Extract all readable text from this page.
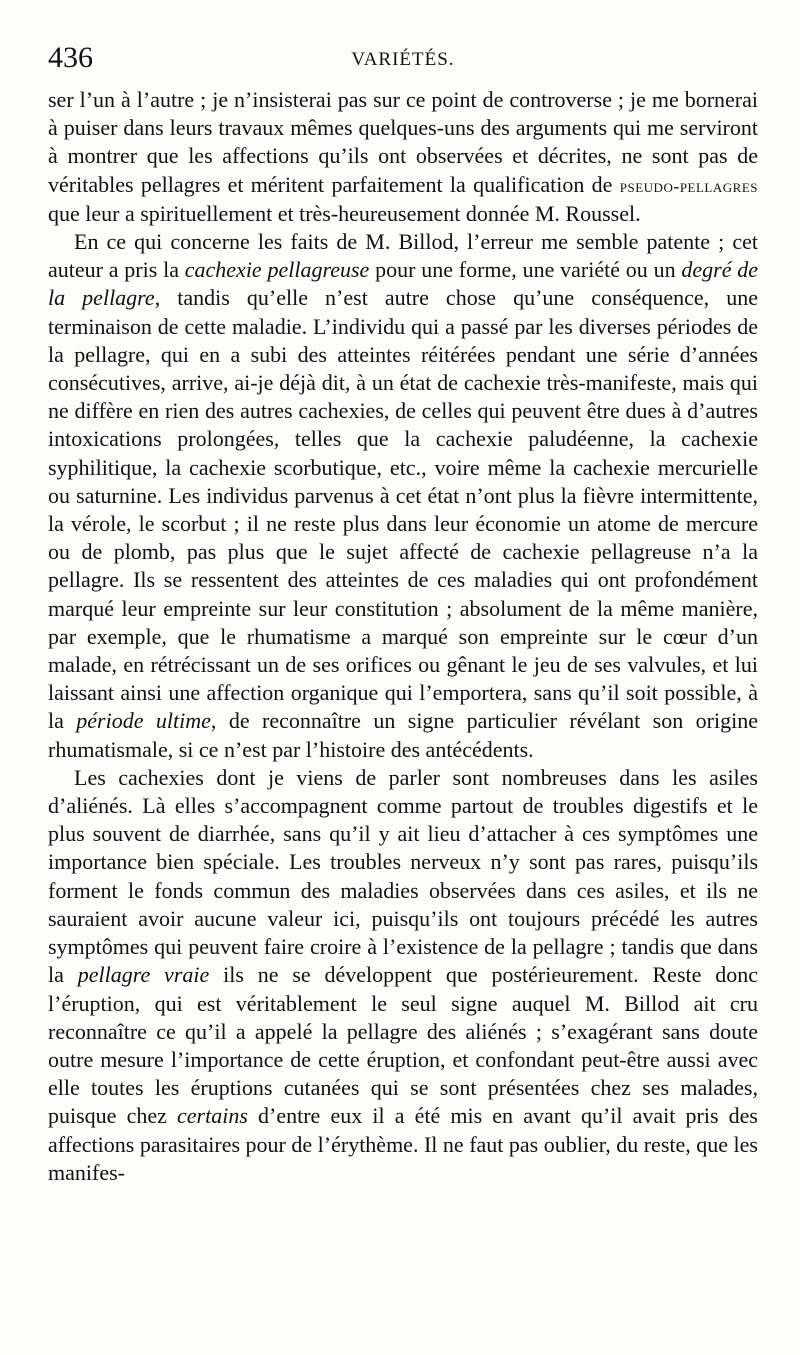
436	VARIÉTÉS.

ser l’un à l’autre ; je n’insisterai pas sur ce point de controverse ; je me bornerai à puiser dans leurs travaux mêmes quelques-uns des arguments qui me serviront à montrer que les affections qu’ils ont observées et décrites, ne sont pas de véritables pellagres et méritent parfaitement la qualification de pseudo-pellagres que leur a spirituellement et très-heureusement donnée M. Roussel.

En ce qui concerne les faits de M. Billod, l’erreur me semble patente ; cet auteur a pris la cachexie pellagreuse pour une forme, une variété ou un degré de la pellagre, tandis qu’elle n’est autre chose qu’une conséquence, une terminaison de cette maladie. L’individu qui a passé par les diverses périodes de la pellagre, qui en a subi des atteintes réitérées pendant une série d’années consécutives, arrive, ai-je déjà dit, à un état de cachexie très-manifeste, mais qui ne diffère en rien des autres cachexies, de celles qui peuvent être dues à d’autres intoxications prolongées, telles que la cachexie paludéenne, la cachexie syphilitique, la cachexie scorbutique, etc., voire même la cachexie mercurielle ou saturnine. Les individus parvenus à cet état n’ont plus la fièvre intermittente, la vérole, le scorbut ; il ne reste plus dans leur économie un atome de mercure ou de plomb, pas plus que le sujet affecté de cachexie pellagreuse n’a la pellagre. Ils se ressentent des atteintes de ces maladies qui ont profondément marqué leur empreinte sur leur constitution ; absolument de la même manière, par exemple, que le rhumatisme a marqué son empreinte sur le cœur d’un malade, en rétrécissant un de ses orifices ou gênant le jeu de ses valvules, et lui laissant ainsi une affection organique qui l’emportera, sans qu’il soit possible, à la période ultime, de reconnaître un signe particulier révélant son origine rhumatismale, si ce n’est par l’histoire des antécédents.

Les cachexies dont je viens de parler sont nombreuses dans les asiles d’aliénés. Là elles s’accompagnent comme partout de troubles digestifs et le plus souvent de diarrhée, sans qu’il y ait lieu d’attacher à ces symptômes une importance bien spéciale. Les troubles nerveux n’y sont pas rares, puisqu’ils forment le fonds commun des maladies observées dans ces asiles, et ils ne sauraient avoir aucune valeur ici, puisqu’ils ont toujours précédé les autres symptômes qui peuvent faire croire à l’existence de la pellagre ; tandis que dans la pellagre vraie ils ne se développent que postérieurement. Reste donc l’éruption, qui est véritablement le seul signe auquel M. Billod ait cru reconnaître ce qu’il a appelé la pellagre des aliénés ; s’exagérant sans doute outre mesure l’importance de cette éruption, et confondant peut-être aussi avec elle toutes les éruptions cutanées qui se sont présentées chez ses malades, puisque chez certains d’entre eux il a été mis en avant qu’il avait pris des affections parasitaires pour de l’érythème. Il ne faut pas oublier, du reste, que les manifes-
